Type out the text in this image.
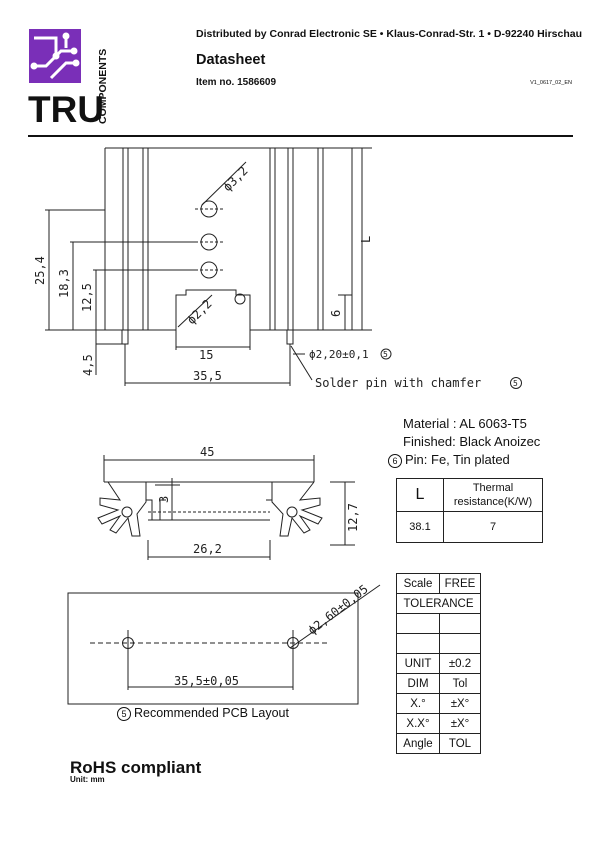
TRU
COMPONENTS
Distributed by Conrad Electronic SE • Klaus-Conrad-Str. 1 • D-92240 Hirschau
Datasheet
Item no. 1586609	V1_0617_02_EN
ϕ3,2
L
25,4 18,3 12,5	ϕ2,2	6
15
4,5	35,5
ϕ2,20±0,1 5
Solder pin with chamfer	5
Material : AL 6063-T5
Finished: Black Anoizec
6 Pin: Fe, Tin plated
45
3
12,7
26,2
L	Thermal resistance(K/W)
38.1	7
ϕ2,60±0,05
35,5±0,05
5 Recommended PCB Layout
Scale	FREE
TOLERANCE	

UNIT	±0.2
DIM	Tol
X.°	±X°
X.X°	±X°
Angle	TOL
RoHS compliant
Unit: mm
